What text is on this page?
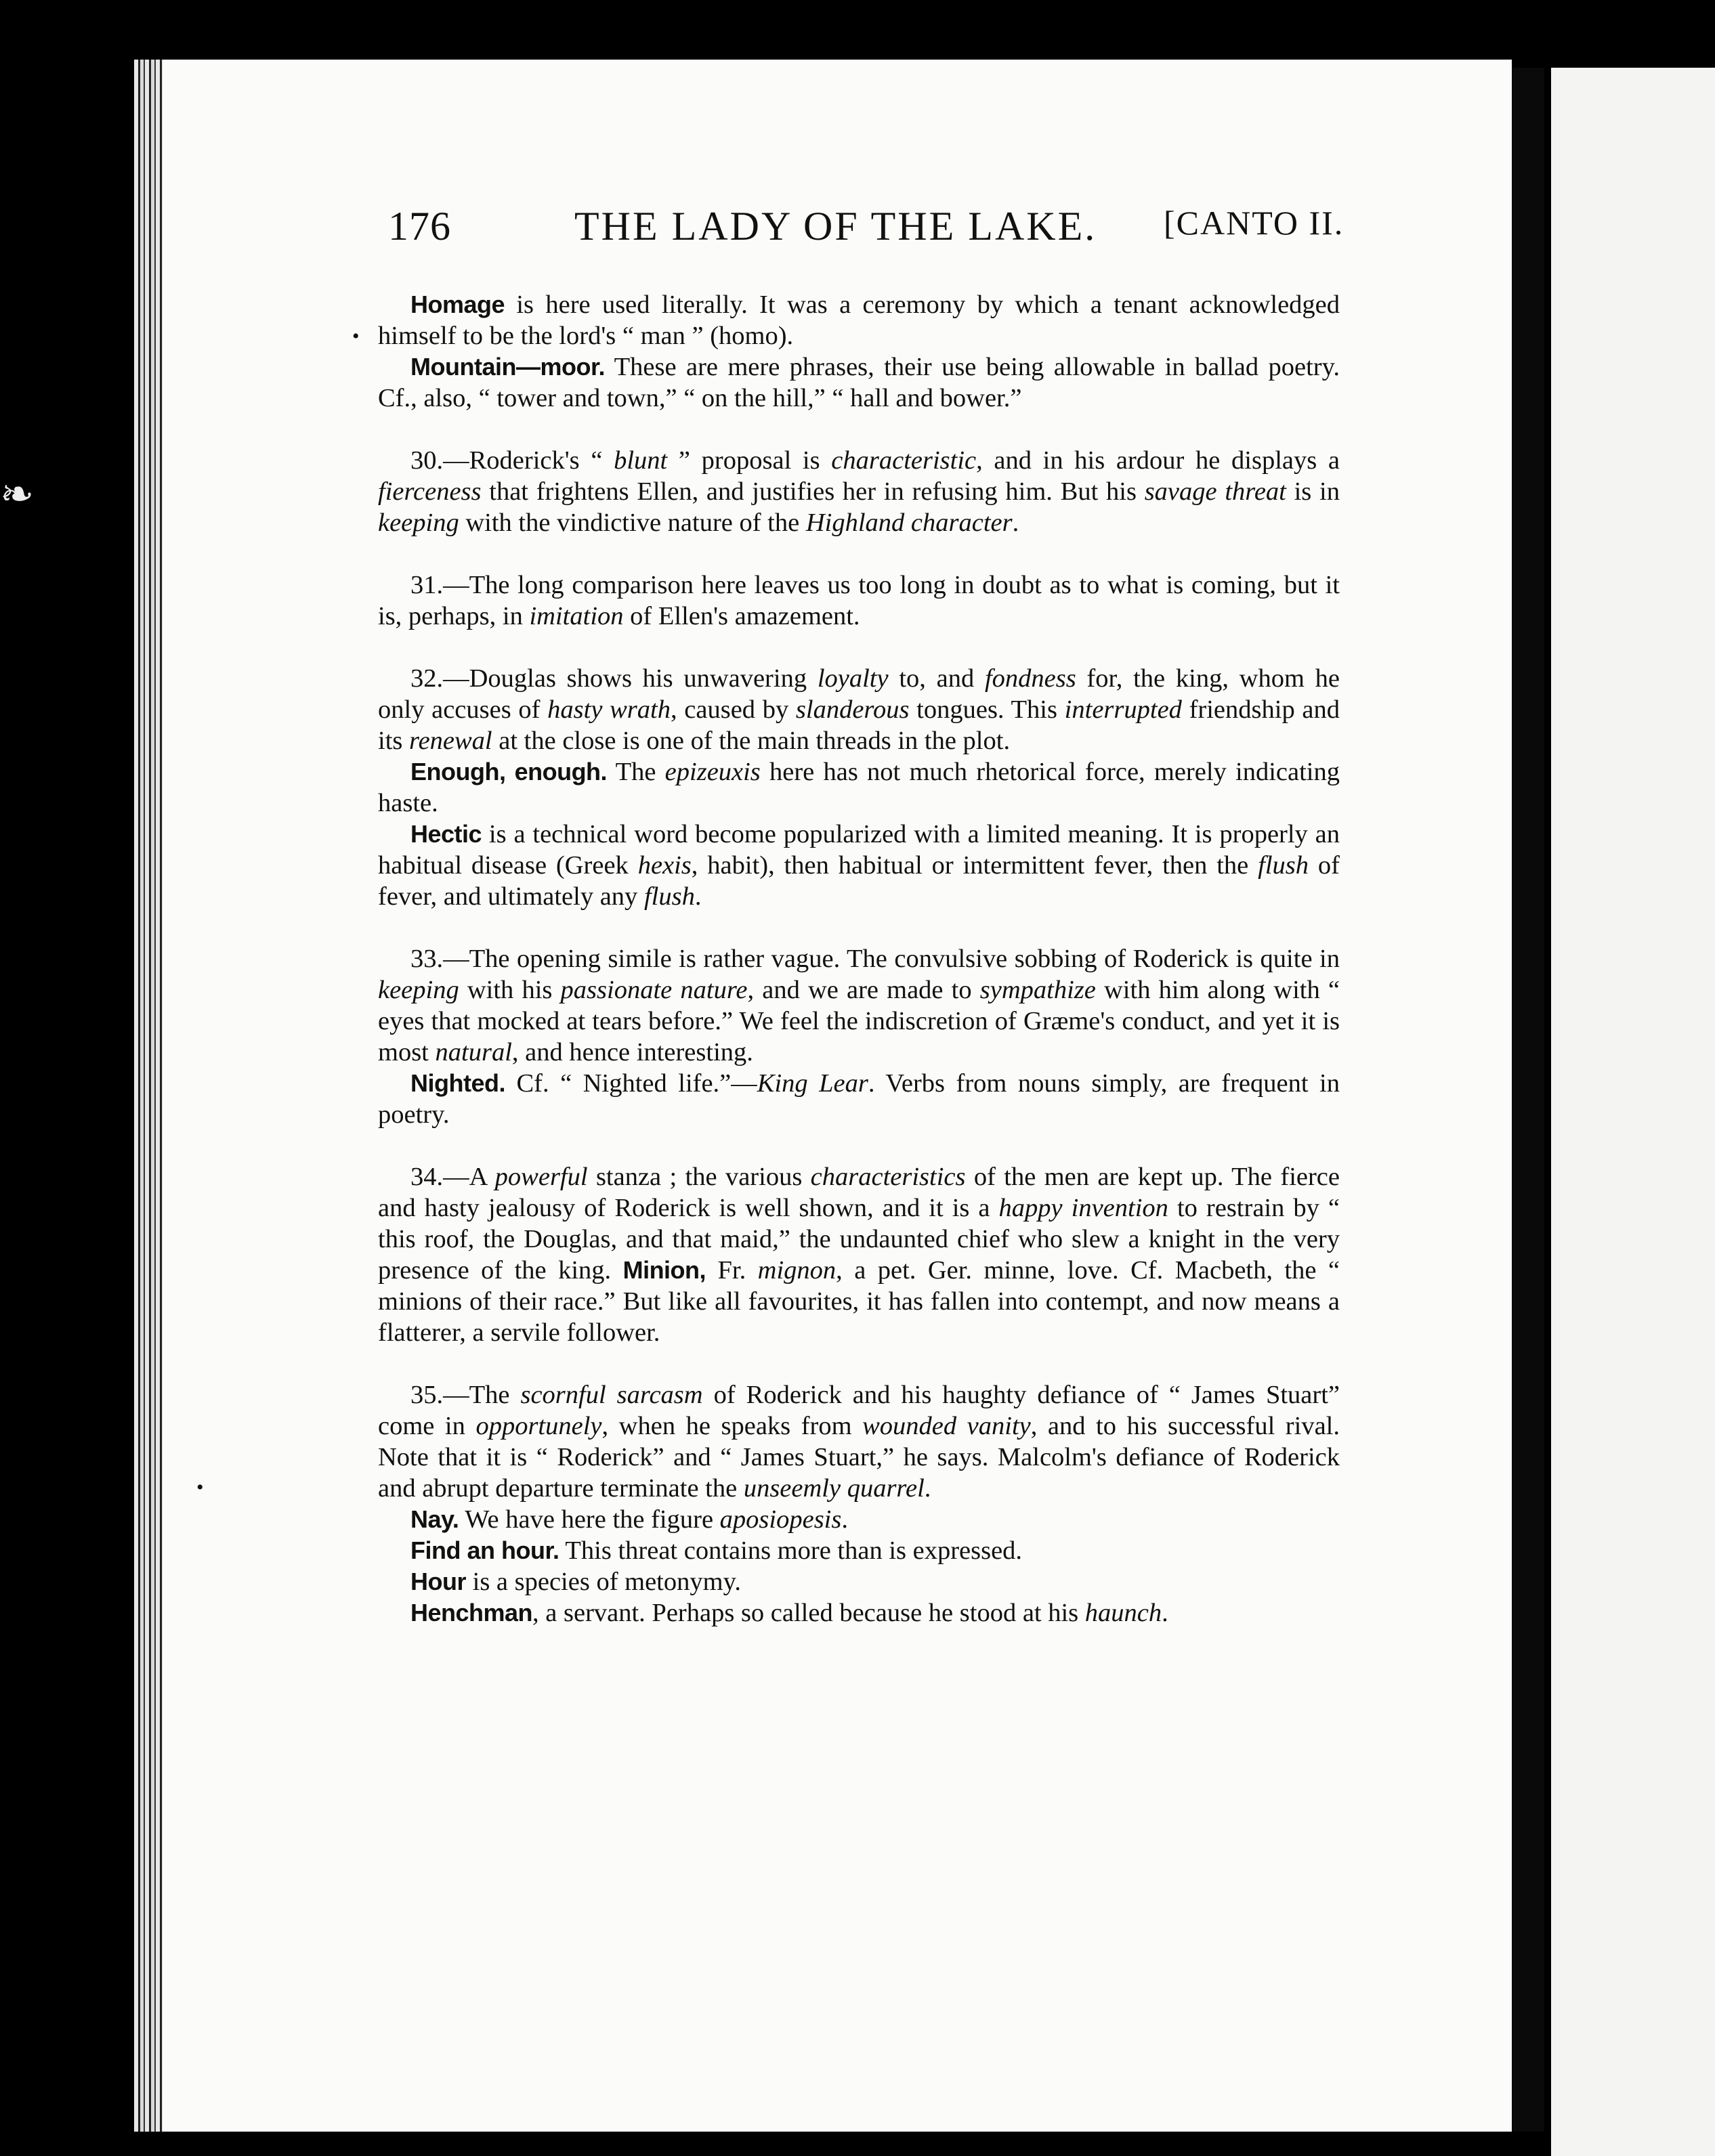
❧
176	THE LADY OF THE LAKE. [CANTO II.
•
•

Homage is here used literally. It was a ceremony by which a tenant acknowledged himself to be the lord's “ man ” (homo).

Mountain—moor. These are mere phrases, their use being allowable in ballad poetry. Cf., also, “ tower and town,” “ on the hill,” “ hall and bower.”

30.—Roderick's “ blunt ” proposal is characteristic, and in his ardour he displays a fierceness that frightens Ellen, and justifies her in refusing him. But his savage threat is in keeping with the vindictive nature of the Highland character.

31.—The long comparison here leaves us too long in doubt as to what is coming, but it is, perhaps, in imitation of Ellen's amazement.

32.—Douglas shows his unwavering loyalty to, and fondness for, the king, whom he only accuses of hasty wrath, caused by slanderous tongues. This interrupted friendship and its renewal at the close is one of the main threads in the plot.

Enough, enough. The epizeuxis here has not much rhetorical force, merely indicating haste.

Hectic is a technical word become popularized with a limited meaning. It is properly an habitual disease (Greek hexis, habit), then habitual or intermittent fever, then the flush of fever, and ultimately any flush.

33.—The opening simile is rather vague. The convulsive sobbing of Roderick is quite in keeping with his passionate nature, and we are made to sympathize with him along with “ eyes that mocked at tears before.” We feel the indiscretion of Græme's conduct, and yet it is most natural, and hence interesting.

Nighted. Cf. “ Nighted life.”—King Lear. Verbs from nouns simply, are frequent in poetry.

34.—A powerful stanza ; the various characteristics of the men are kept up. The fierce and hasty jealousy of Roderick is well shown, and it is a happy invention to restrain by “ this roof, the Douglas, and that maid,” the undaunted chief who slew a knight in the very presence of the king. Minion, Fr. mignon, a pet. Ger. minne, love. Cf. Macbeth, the “ minions of their race.” But like all favourites, it has fallen into contempt, and now means a flatterer, a servile follower.

35.—The scornful sarcasm of Roderick and his haughty defiance of “ James Stuart” come in opportunely, when he speaks from wounded vanity, and to his successful rival. Note that it is “ Roderick” and “ James Stuart,” he says. Malcolm's defiance of Roderick and abrupt departure terminate the unseemly quarrel.

Nay. We have here the figure aposiopesis.

Find an hour. This threat contains more than is expressed.

Hour is a species of metonymy.

Henchman, a servant. Perhaps so called because he stood at his haunch.
